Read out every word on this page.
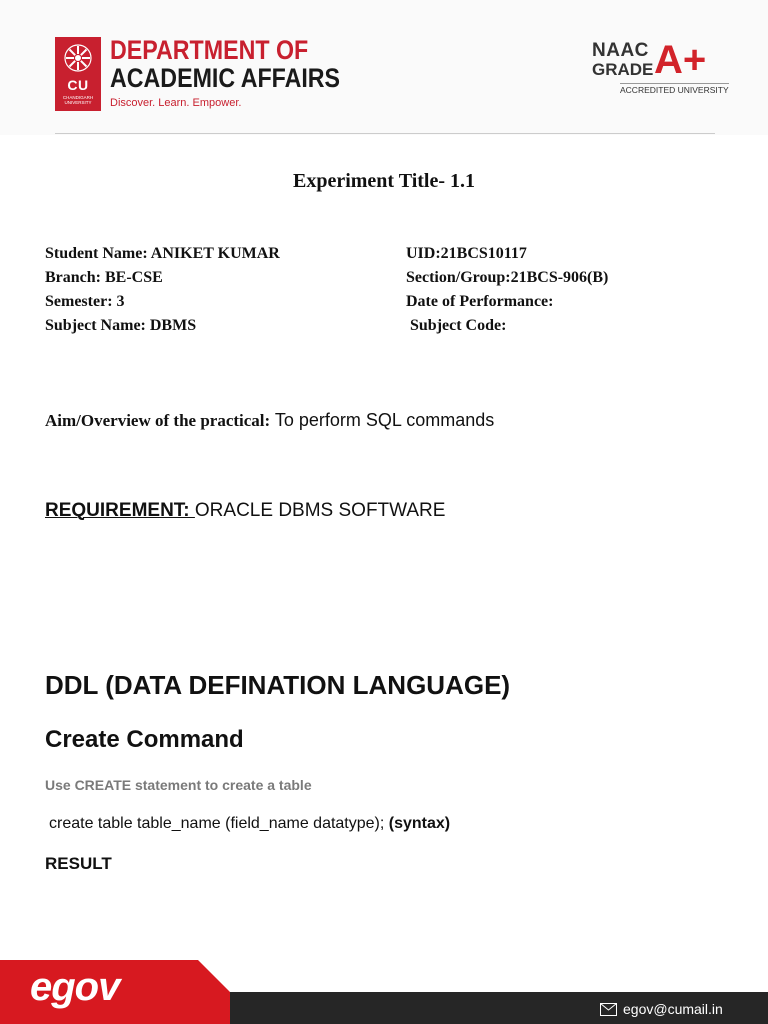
CU
CHANDIGARH UNIVERSITY
DEPARTMENT OF
ACADEMIC AFFAIRS
Discover. Learn. Empower.
NAAC
GRADE A+
ACCREDITED UNIVERSITY
Experiment Title- 1.1
Student Name: ANIKET KUMAR
Branch: BE-CSE
Semester: 3
Subject Name: DBMS
UID:21BCS10117
Section/Group:21BCS-906(B)
Date of Performance:
Subject Code:
Aim/Overview of the practical: To perform SQL commands
REQUIREMENT: ORACLE DBMS SOFTWARE
DDL (DATA DEFINATION LANGUAGE)
Create Command
Use CREATE statement to create a table
create table table_name (field_name datatype); (syntax)
RESULT
egov	egov@cumail.in
